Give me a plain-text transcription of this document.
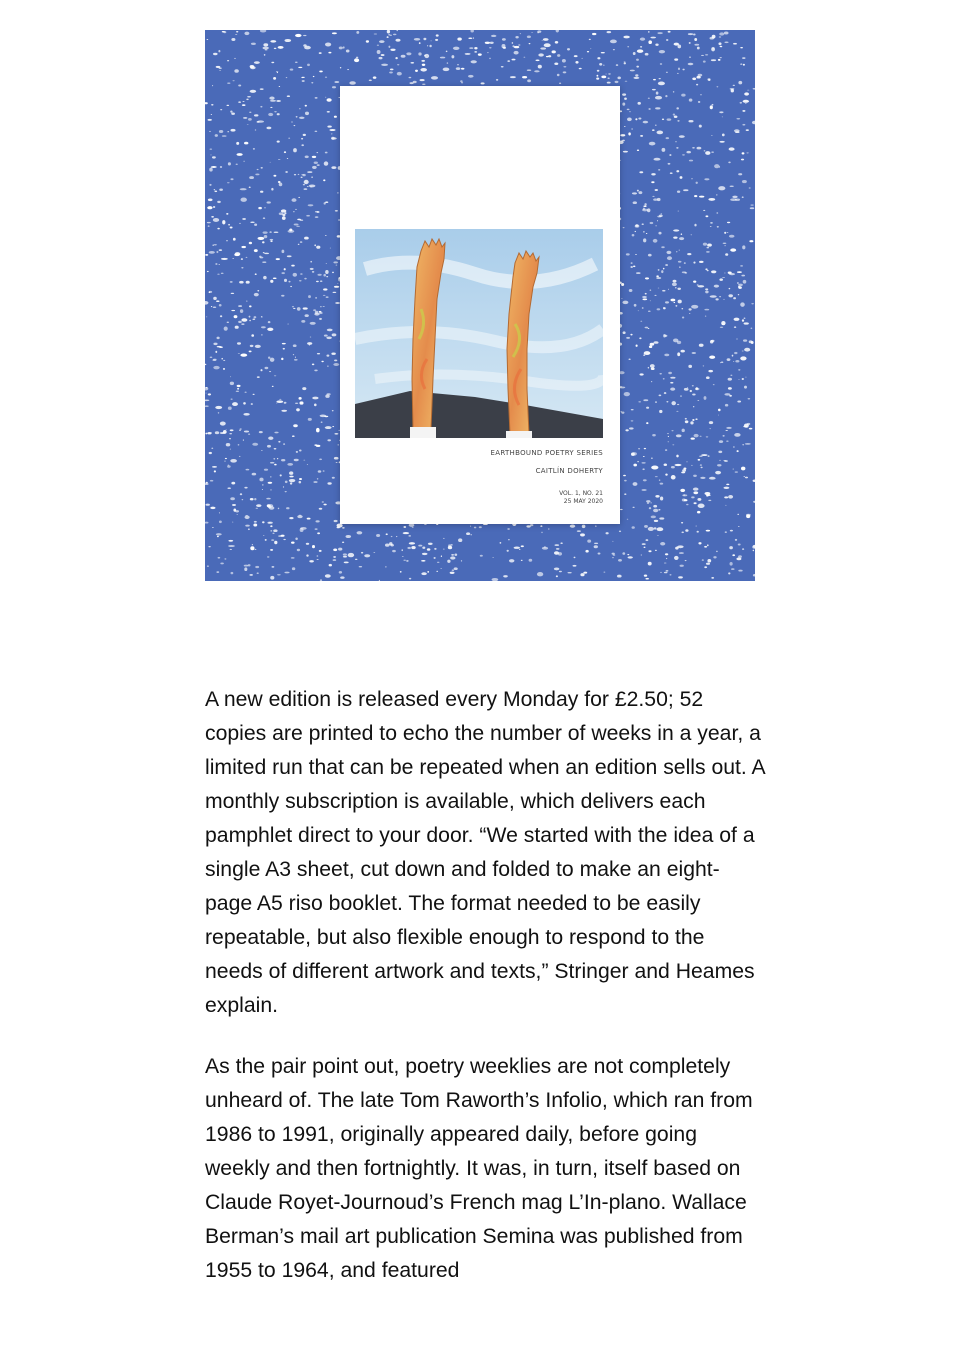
EARTHBOUND POETRY SERIES
CAITLÍN DOHERTY
VOL. 1, NO. 21
25 MAY 2020

A new edition is released every Monday for £2.50; 52 copies are printed to echo the number of weeks in a year, a limited run that can be repeated when an edition sells out. A monthly subscription is available, which delivers each pamphlet direct to your door. “We started with the idea of a single A3 sheet, cut down and folded to make an eight-page A5 riso booklet. The format needed to be easily repeatable, but also flexible enough to respond to the needs of different artwork and texts,” Stringer and Heames explain.

As the pair point out, poetry weeklies are not completely unheard of. The late Tom Raworth’s Infolio, which ran from 1986 to 1991, originally appeared daily, before going weekly and then fortnightly. It was, in turn, itself based on Claude Royet-Journoud’s French mag L’In-plano. Wallace Berman’s mail art publication Semina was published from 1955 to 1964, and featured
